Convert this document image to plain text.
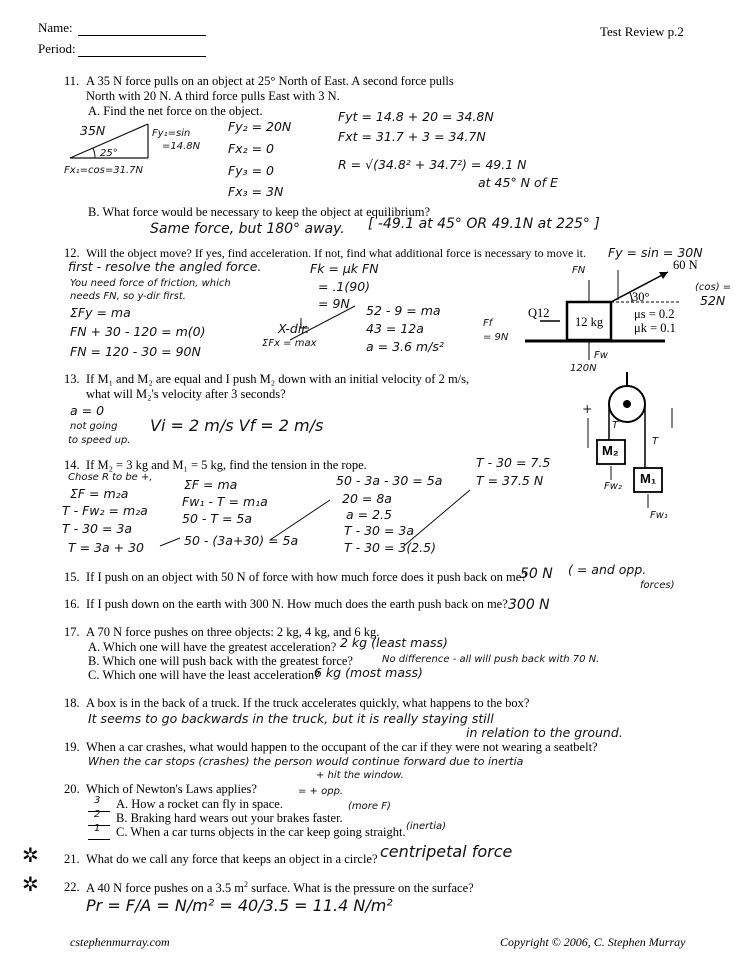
Name:
Period:
Test Review p.2
11. A 35 N force pulls on an object at 25° North of East. A second force pulls
North with 20 N. A third force pulls East with 3 N.
A. Find the net force on the object.
✲
✲
35N
25°
Fy₁=sin
=14.8N
Fx₁=cos=31.7N
Fy₂ = 20N
Fx₂ = 0
Fy₃ = 0
Fx₃ = 3N
Fyt = 14.8 + 20 = 34.8N
Fxt = 31.7 + 3 = 34.7N
R = √(34.8² + 34.7²) = 49.1 N
at 45° N of E
B. What force would be necessary to keep the object at equilibrium?
Same force, but 180° away. [ -49.1 at 45° OR 49.1N at 225° ]
12. Will the object move? If yes, find acceleration. If not, find what additional force is necessary to move it. Fy = sin = 30N
(cos) =
52N
60 N
30°
12 kg
μs = 0.2
μk = 0.1
Q12
FN
Ff
= 9N
Fw
120N
first - resolve the angled force.
You need force of friction, which
needs FN, so y-dir first.
ΣFy = ma
FN + 30 - 120 = m(0)
FN = 120 - 30 = 90N
Fk = μk FN
= .1(90)
= 9N
X-dir.
ΣFx = max
52 - 9 = ma
43 = 12a
a = 3.6 m/s²
13. If M₁ and M₂ are equal and I push M₂ down with an initial velocity of 2 m/s,
what will M₂'s velocity after 3 seconds?
a = 0
not going
to speed up.
Vi = 2 m/s Vf = 2 m/s
M₂
M₁
Fw₂
Fw₁
T
T
+
14. If M₂ = 3 kg and M₁ = 5 kg, find the tension in the rope.
Chose R to be +,
ΣF = m₂a
T - Fw₂ = m₂a
T - 30 = 3a
T = 3a + 30
ΣF = ma
Fw₁ - T = m₁a
50 - T = 5a
50 - (3a+30) = 5a
50 - 3a - 30 = 5a
20 = 8a
a = 2.5
T - 30 = 3a
T - 30 = 3(2.5)
T - 30 = 7.5
T = 37.5 N
15. If I push on an object with 50 N of force with how much force does it push back on me?
50 N ( = and opp.
forces)
16. If I push down on the earth with 300 N. How much does the earth push back on me? 300 N
17. A 70 N force pushes on three objects: 2 kg, 4 kg, and 6 kg.
A. Which one will have the greatest acceleration?
B. Which one will push back with the greatest force?
C. Which one will have the least acceleration?
2 kg (least mass)
No difference - all will push back with 70 N.
6 kg (most mass)
18. A box is in the back of a truck. If the truck accelerates quickly, what happens to the box?
It seems to go backwards in the truck, but it is really staying still
in relation to the ground.
19. When a car crashes, what would happen to the occupant of the car if they were not wearing a seatbelt?
When the car stops (crashes) the person would continue forward due to inertia
+ hit the window.
20. Which of Newton's Laws applies?
3
2
1
A. How a rocket can fly in space.
B. Braking hard wears out your brakes faster.
C. When a car turns objects in the car keep going straight.
= + opp.
(more F)
(inertia)
21. What do we call any force that keeps an object in a circle? centripetal force
22. A 40 N force pushes on a 3.5 $m^2$ surface. What is the pressure on the surface?
Pr = F/A = N/m² = 40/3.5 = 11.4 N/m²
cstephenmurray.com	Copyright © 2006, C. Stephen Murray
